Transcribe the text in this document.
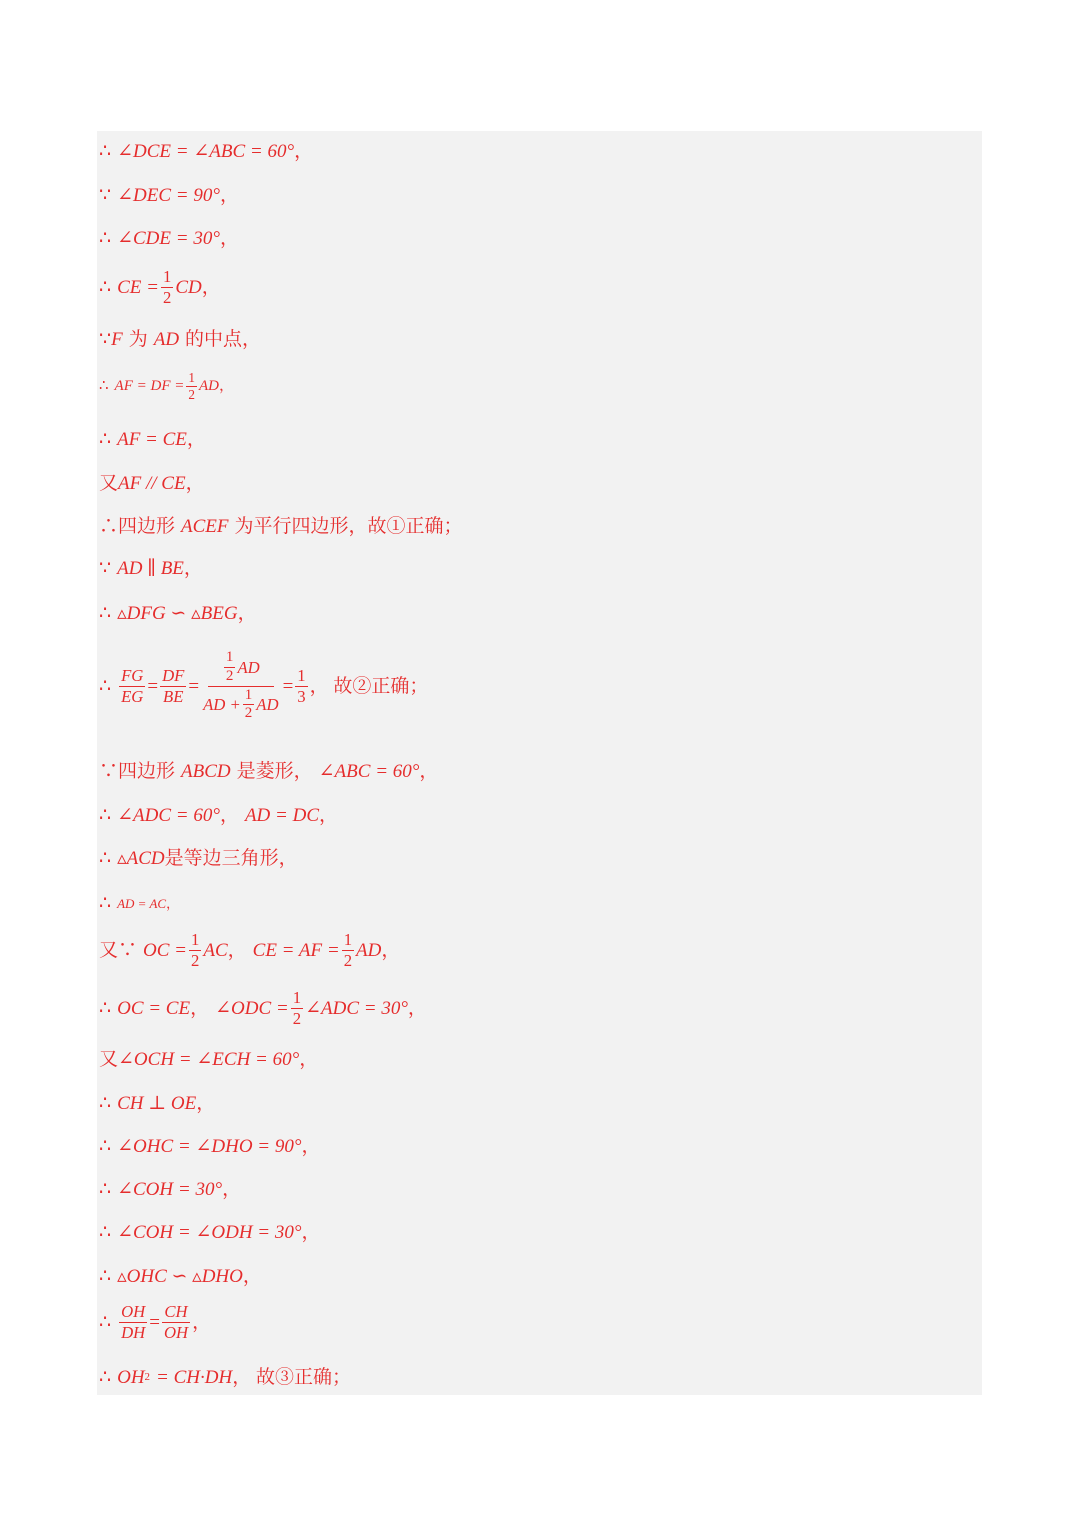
∴ ∠DCE = ∠ABC = 60° ，
∵ ∠DEC = 90° ，
∴ ∠CDE = 30° ，
∴ CE = $\frac{1}{2}$ CD ，
∵ F 为 AD 的中点，
∴ AF = DF = $\frac{1}{2}$ AD ，
∴ AF = CE ，
又 AF // CE ，
∴四边形 ACEF 为平行四边形，故①正确；
∵ AD ∥ BE ，
∴ ▵DFG ∽ ▵BEG ，
∴ $\frac{FG}{EG} = \frac{DF}{BE} = \frac{\frac{1}{2} AD}{AD + \frac{1}{2} AD} = \frac{1}{3}$ ， 故②正确；
∵四边形 ABCD 是菱形， ∠ABC = 60° ，
∴ ∠ADC = 60° ， AD = DC ，
∴ ▵ACD 是等边三角形，
∴ AD = AC ，
又∵ OC = $\frac{1}{2}$ AC ， CE = AF = $\frac{1}{2}$ AD ，
∴ OC = CE ， ∠ODC = $\frac{1}{2}$ ∠ADC = 30° ，
又 ∠OCH = ∠ECH = 60° ，
∴ CH ⊥ OE ，
∴ ∠OHC = ∠DHO = 90° ，
∴ ∠COH = 30° ，
∴ ∠COH = ∠ODH = 30° ，
∴ ▵OHC ∽ ▵DHO ，
∴ $\frac{OH}{DH} = \frac{CH}{OH}$ ，
∴ OH 2 = CH·DH ， 故③正确；
